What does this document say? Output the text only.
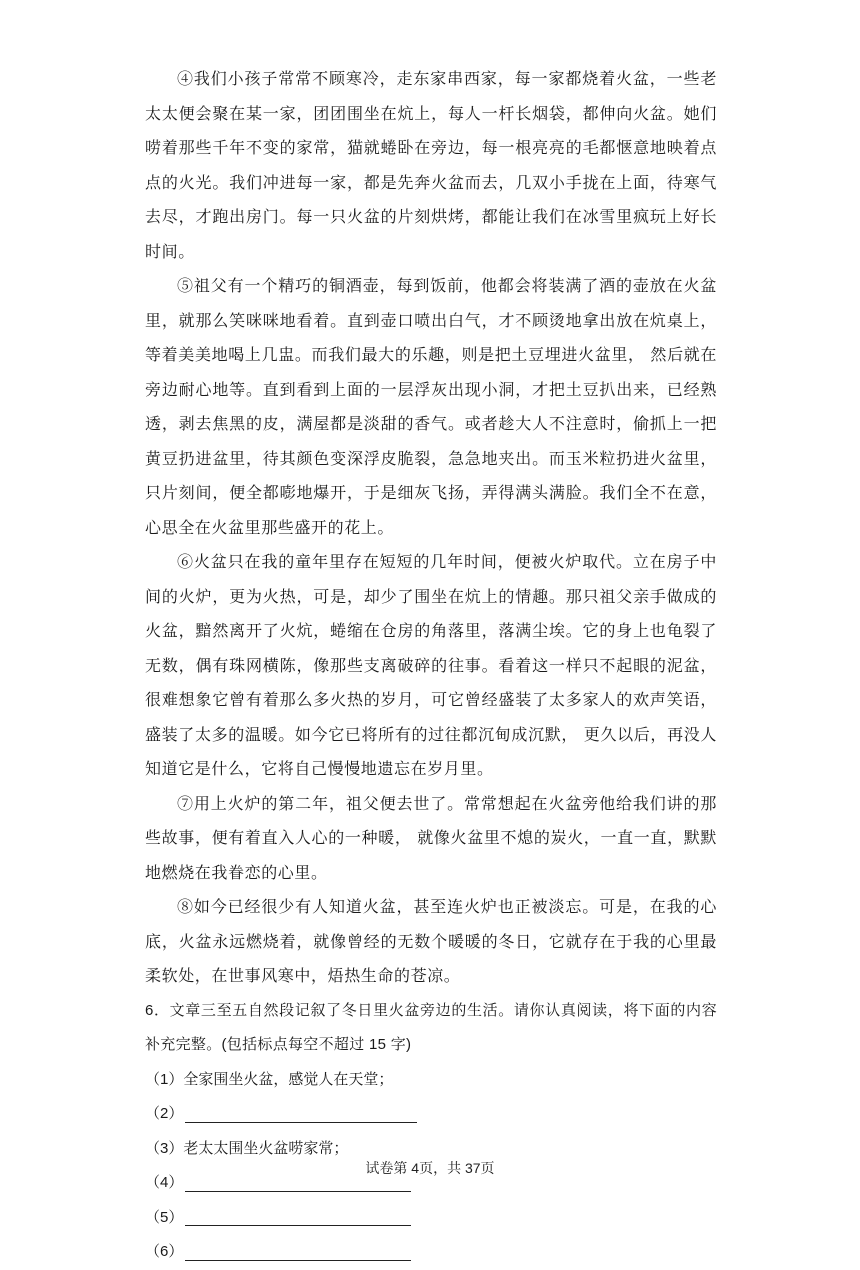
④我们小孩子常常不顾寒冷，走东家串西家，每一家都烧着火盆，一些老太太便会聚在某一家，团团围坐在炕上，每人一杆长烟袋，都伸向火盆。她们唠着那些千年不变的家常，猫就蜷卧在旁边，每一根亮亮的毛都惬意地映着点点的火光。我们冲进每一家，都是先奔火盆而去，几双小手拢在上面，待寒气去尽，才跑出房门。每一只火盆的片刻烘烤，都能让我们在冰雪里疯玩上好长时间。

⑤祖父有一个精巧的铜酒壶，每到饭前，他都会将装满了酒的壶放在火盆里，就那么笑咪咪地看着。直到壶口喷出白气，才不顾烫地拿出放在炕桌上，等着美美地喝上几盅。而我们最大的乐趣，则是把土豆埋进火盆里， 然后就在旁边耐心地等。直到看到上面的一层浮灰出现小洞，才把土豆扒出来，已经熟透，剥去焦黑的皮，满屋都是淡甜的香气。或者趁大人不注意时，偷抓上一把黄豆扔进盆里，待其颜色变深浮皮脆裂，急急地夹出。而玉米粒扔进火盆里，只片刻间，便全都嘭地爆开，于是细灰飞扬，弄得满头满脸。我们全不在意，心思全在火盆里那些盛开的花上。

⑥火盆只在我的童年里存在短短的几年时间，便被火炉取代。立在房子中间的火炉，更为火热，可是，却少了围坐在炕上的情趣。那只祖父亲手做成的火盆，黯然离开了火炕，蜷缩在仓房的角落里，落满尘埃。它的身上也龟裂了无数，偶有珠网横陈，像那些支离破碎的往事。看着这一样只不起眼的泥盆，很难想象它曾有着那么多火热的岁月，可它曾经盛装了太多家人的欢声笑语，盛装了太多的温暖。如今它已将所有的过往都沉甸成沉默， 更久以后，再没人知道它是什么，它将自己慢慢地遗忘在岁月里。

⑦用上火炉的第二年，祖父便去世了。常常想起在火盆旁他给我们讲的那些故事，便有着直入人心的一种暖， 就像火盆里不熄的炭火，一直一直，默默地燃烧在我眷恋的心里。

⑧如今已经很少有人知道火盆，甚至连火炉也正被淡忘。可是，在我的心底，火盆永远燃烧着，就像曾经的无数个暖暖的冬日，它就存在于我的心里最柔软处，在世事风寒中，焐热生命的苍凉。

6．文章三至五自然段记叙了冬日里火盆旁边的生活。请你认真阅读，将下面的内容补充完整。(包括标点每空不超过 15 字)

（1） 全家围坐火盆，感觉人在天堂；
（2）
（3） 老太太围坐火盆唠家常；
（4）
（5）
（6）
试卷第 4页，共 37页
